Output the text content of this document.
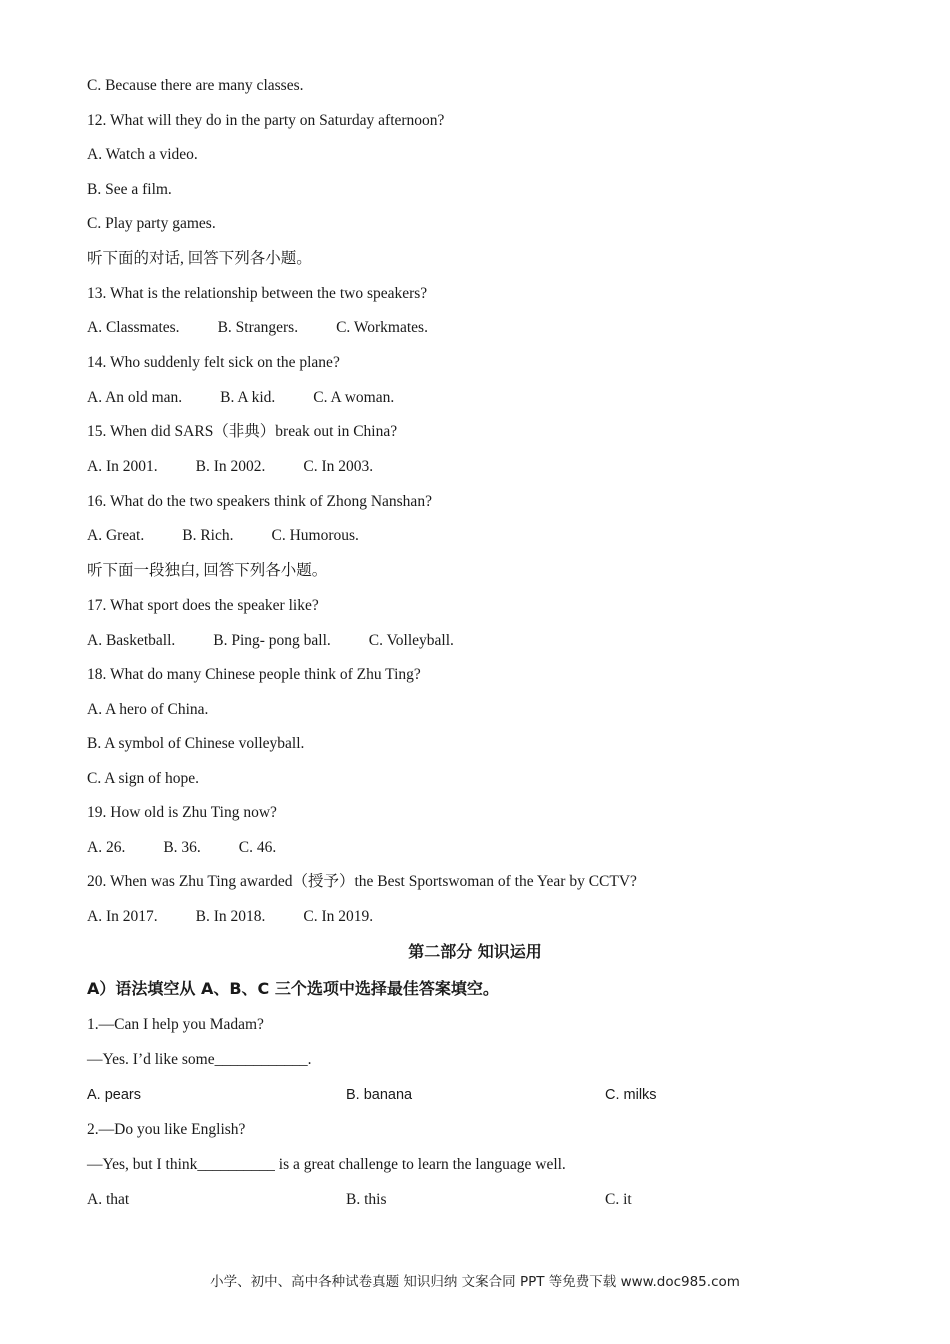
C. Because there are many classes.
12. What will they do in the party on Saturday afternoon?
A. Watch a video.
B. See a film.
C. Play party games.
听下面的对话, 回答下列各小题。
13. What is the relationship between the two speakers?
A. Classmates. B. Strangers. C. Workmates.
14. Who suddenly felt sick on the plane?
A. An old man. B. A kid. C. A woman.
15. When did SARS（非典）break out in China?
A. In 2001. B. In 2002. C. In 2003.
16. What do the two speakers think of Zhong Nanshan?
A. Great. B. Rich. C. Humorous.
听下面一段独白, 回答下列各小题。
17. What sport does the speaker like?
A. Basketball. B. Ping- pong ball. C. Volleyball.
18. What do many Chinese people think of Zhu Ting?
A. A hero of China.
B. A symbol of Chinese volleyball.
C. A sign of hope.
19. How old is Zhu Ting now?
A. 26. B. 36. C. 46.
20. When was Zhu Ting awarded（授予）the Best Sportswoman of the Year by CCTV?
A. In 2017. B. In 2018. C. In 2019.
第二部分 知识运用
A）语法填空从 A、B、C 三个选项中选择最佳答案填空。
1.—Can I help you Madam?
—Yes. I’d like some____________.
A. pears	B. banana	C. milks
2.—Do you like English?
—Yes, but I think__________ is a great challenge to learn the language well.
A. that	B. this	C. it
小学、初中、高中各种试卷真题 知识归纳 文案合同 PPT 等免费下载 www.doc985.com
